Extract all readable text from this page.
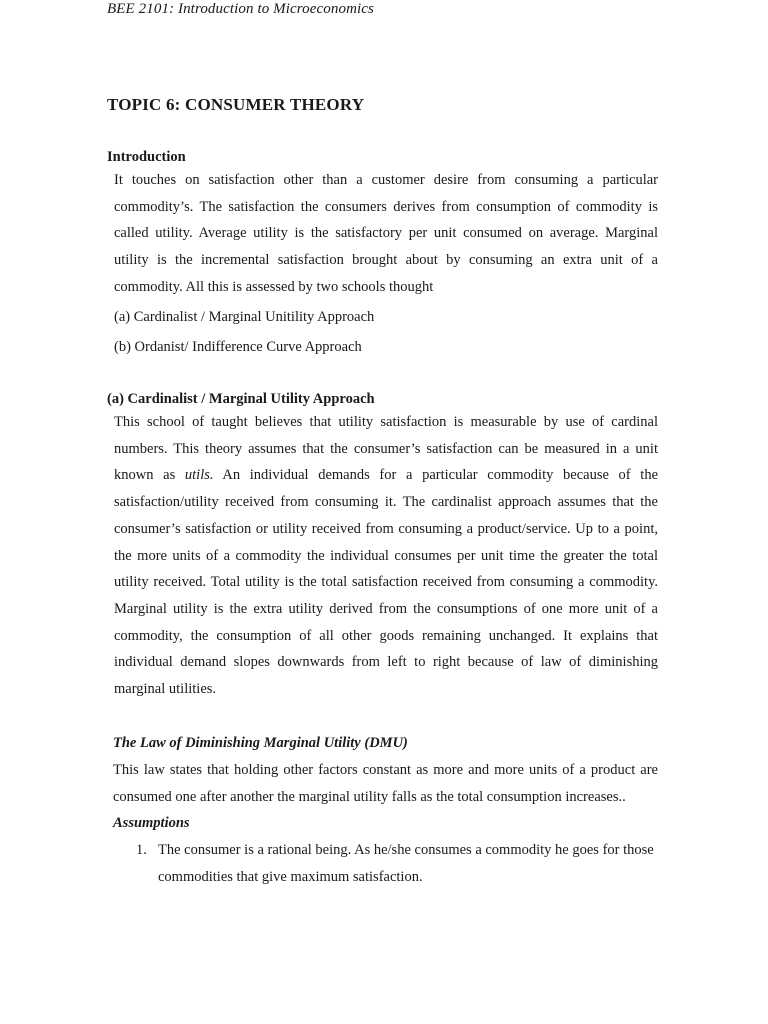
BEE 2101: Introduction to Microeconomics
TOPIC 6: CONSUMER THEORY
Introduction
It touches on satisfaction other than a customer desire from consuming a particular commodity’s. The satisfaction the consumers derives from consumption of commodity is called utility. Average utility is the satisfactory per unit consumed on average. Marginal utility is the incremental satisfaction brought about by consuming an extra unit of a commodity. All this is assessed by two schools thought
(a) Cardinalist / Marginal Unitility Approach
(b) Ordanist/ Indifference Curve Approach
(a) Cardinalist / Marginal Utility Approach
This school of taught believes that utility satisfaction is measurable by use of cardinal numbers. This theory assumes that the consumer’s satisfaction can be measured in a unit known as utils. An individual demands for a particular commodity because of the satisfaction/utility received from consuming it. The cardinalist approach assumes that the consumer’s satisfaction or utility received from consuming a product/service. Up to a point, the more units of a commodity the individual consumes per unit time the greater the total utility received. Total utility is the total satisfaction received from consuming a commodity. Marginal utility is the extra utility derived from the consumptions of one more unit of a commodity, the consumption of all other goods remaining unchanged. It explains that individual demand slopes downwards from left to right because of law of diminishing marginal utilities.
The Law of Diminishing Marginal Utility (DMU)
This law states that holding other factors constant as more and more units of a product are consumed one after another the marginal utility falls as the total consumption increases..
Assumptions
1. The consumer is a rational being. As he/she consumes a commodity he goes for those commodities that give maximum satisfaction.
